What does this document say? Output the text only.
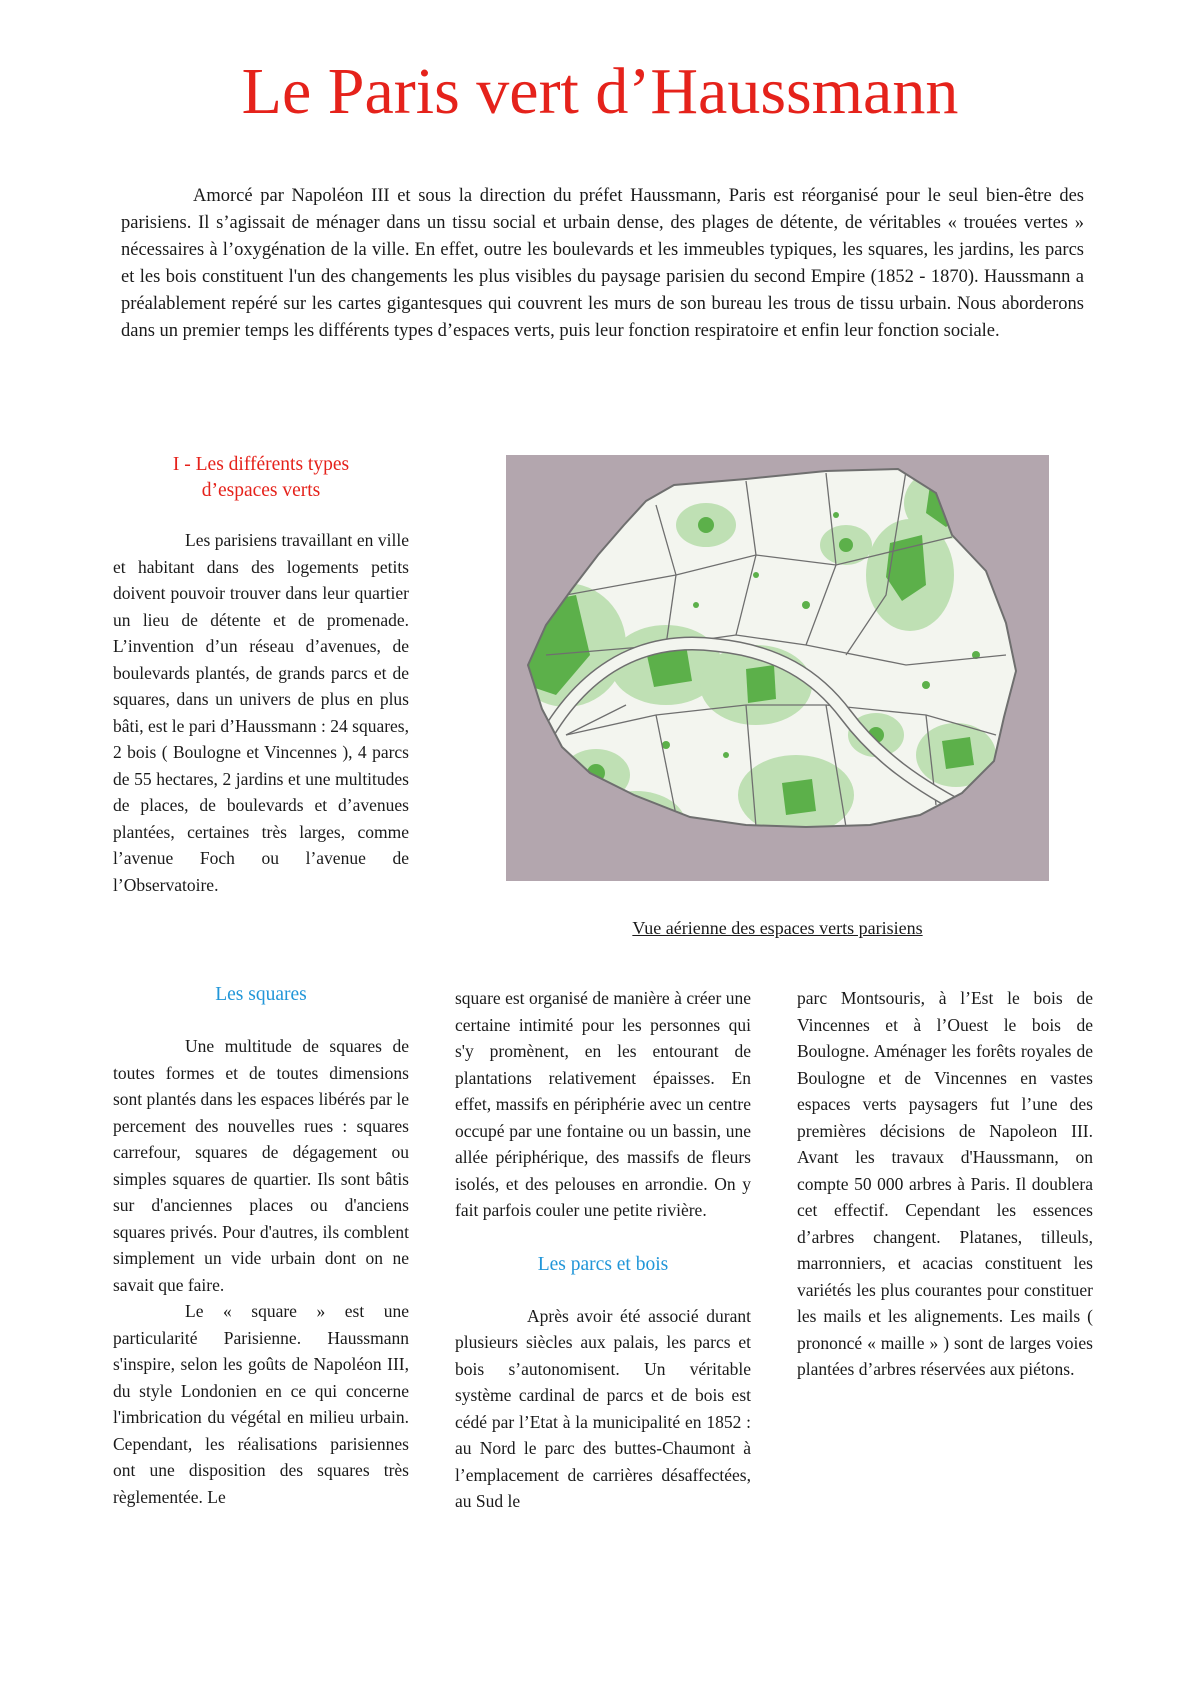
Le Paris vert d’Haussmann

Amorcé par Napoléon III et sous la direction du préfet Haussmann, Paris est réorganisé pour le seul bien-être des parisiens. Il s’agissait de ménager dans un tissu social et urbain dense, des plages de détente, de véritables « trouées vertes » nécessaires à l’oxygénation de la ville. En effet, outre les boulevards et les immeubles typiques, les squares, les jardins, les parcs et les bois constituent l'un des changements les plus visibles du paysage parisien du second Empire (1852 - 1870). Haussmann a préalablement repéré sur les cartes gigantesques qui couvrent les murs de son bureau les trous de tissu urbain. Nous aborderons dans un premier temps les différents types d’espaces verts, puis leur fonction respiratoire et enfin leur fonction sociale.

I - Les différents types
d’espaces verts

Les parisiens travaillant en ville et habitant dans des logements petits doivent pouvoir trouver dans leur quartier un lieu de détente et de promenade. L’invention d’un réseau d’avenues, de boulevards plantés, de grands parcs et de squares, dans un univers de plus en plus bâti, est le pari d’Haussmann : 24 squares, 2 bois ( Boulogne et Vincennes ), 4 parcs de 55 hectares, 2 jardins et une multitudes de places, de boulevards et d’avenues plantées, certaines très larges, comme l’avenue Foch ou l’avenue de l’Observatoire.

Les squares

Une multitude de squares de toutes formes et de toutes dimensions sont plantés dans les espaces libérés par le percement des nouvelles rues : squares carrefour, squares de dégagement ou simples squares de quartier. Ils sont bâtis sur d'anciennes places ou d'anciens squares privés. Pour d'autres, ils comblent simplement un vide urbain dont on ne savait que faire.

Le « square » est une particularité Parisienne. Haussmann s'inspire, selon les goûts de Napoléon III, du style Londonien en ce qui concerne l'imbrication du végétal en milieu urbain. Cependant, les réalisations parisiennes ont une disposition des squares très règlementée. Le

Vue aérienne des espaces verts parisiens

square est organisé de manière à créer une certaine intimité pour les personnes qui s'y promènent, en les entourant de plantations relativement épaisses. En effet, massifs en périphérie avec un centre occupé par une fontaine ou un bassin, une allée périphérique, des massifs de fleurs isolés, et des pelouses en arrondie. On y fait parfois couler une petite rivière.

Les parcs et bois

Après avoir été associé durant plusieurs siècles aux palais, les parcs et bois s’autonomisent. Un véritable système cardinal de parcs et de bois est cédé par l’Etat à la municipalité en 1852 : au Nord le parc des buttes-Chaumont à l’emplacement de carrières désaffectées, au Sud le

parc Montsouris, à l’Est le bois de Vincennes et à l’Ouest le bois de Boulogne. Aménager les forêts royales de Boulogne et de Vincennes en vastes espaces verts paysagers fut l’une des premières décisions de Napoleon III. Avant les travaux d'Haussmann, on compte 50 000 arbres à Paris. Il doublera cet effectif. Cependant les essences d’arbres changent. Platanes, tilleuls, marronniers, et acacias constituent les variétés les plus courantes pour constituer les mails et les alignements. Les mails ( prononcé « maille » ) sont de larges voies plantées d’arbres réservées aux piétons.
